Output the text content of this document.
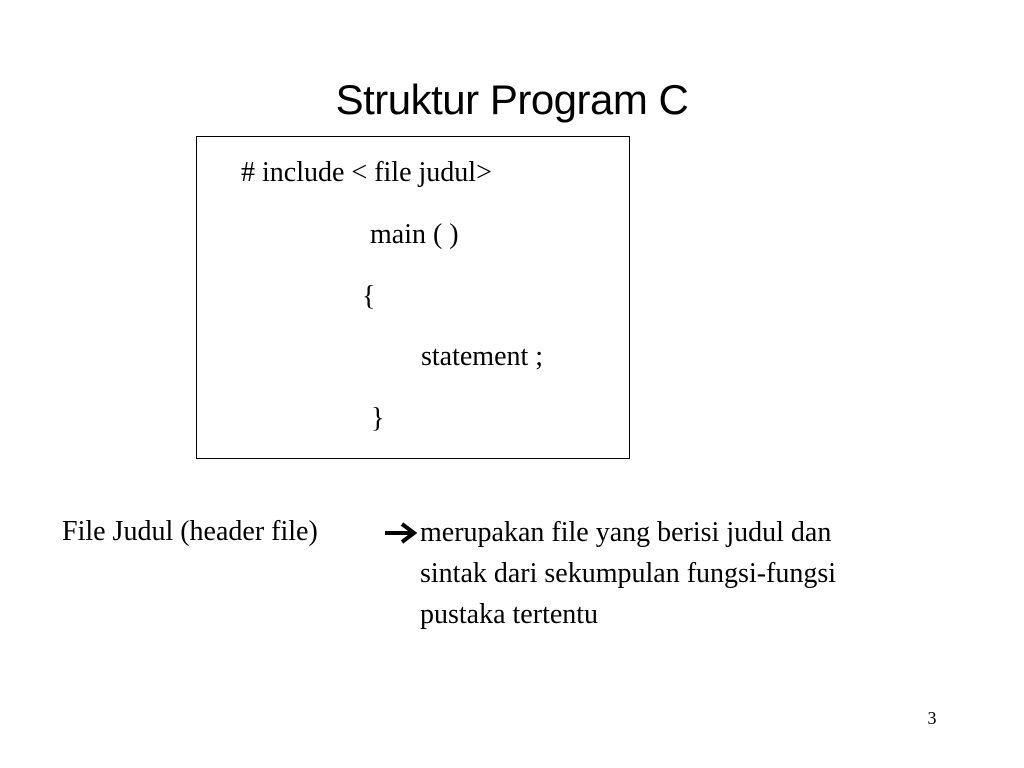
Struktur Program C
# include < file judul>
main ( )
{
statement ;
}
File Judul (header file)	merupakan file yang berisi judul dan
sintak dari sekumpulan fungsi-fungsi
pustaka tertentu
3
